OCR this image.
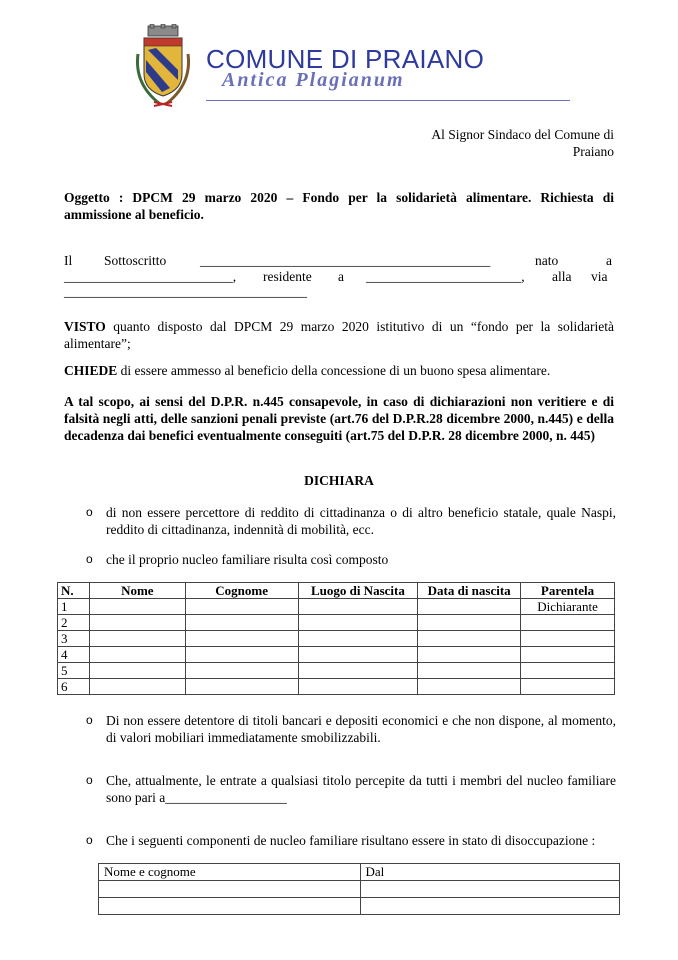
COMUNE DI PRAIANO
Antica Plagianum
Al Signor Sindaco del Comune di
Praiano
Oggetto : DPCM 29 marzo 2020 – Fondo per la solidarietà alimentare. Richiesta di
ammissione al beneficio.
Il Sottoscritto ___________________________________________	nato	a
_________________________, residente a _______________________, alla via
____________________________________
VISTO quanto disposto dal DPCM 29 marzo 2020 istitutivo di un “fondo per la solidarietà alimentare”;
CHIEDE di essere ammesso al beneficio della concessione di un buono spesa alimentare.
A tal scopo, ai sensi del D.P.R. n.445 consapevole, in caso di dichiarazioni non veritiere e di falsità negli atti, delle sanzioni penali previste (art.76 del D.P.R.28 dicembre 2000, n.445) e della decadenza dai benefici eventualmente conseguiti (art.75 del D.P.R. 28 dicembre 2000, n. 445)
DICHIARA
o di non essere percettore di reddito di cittadinanza o di altro beneficio statale, quale Naspi, reddito di cittadinanza, indennità di mobilità, ecc.
o che il proprio nucleo familiare risulta così composto
N.	Nome	Cognome	Luogo di Nascita	Data di nascita	Parentela
1					Dichiarante
2					
3					
4					
5					
6					
o Di non essere detentore di titoli bancari e depositi economici e che non dispone, al momento, di valori mobiliari immediatamente smobilizzabili.
o Che, attualmente, le entrate a qualsiasi titolo percepite da tutti i membri del nucleo familiare sono pari a__________________
o Che i seguenti componenti de nucleo familiare risultano essere in stato di disoccupazione :
Nome e cognome	Dal
